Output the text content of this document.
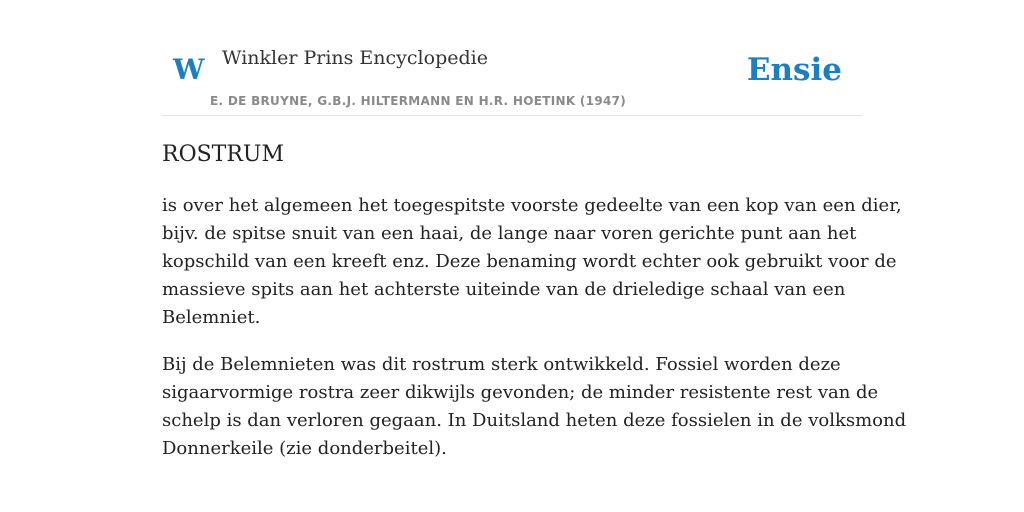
W Winkler Prins Encyclopedie	Ensie
E. DE BRUYNE, G.B.J. HILTERMANN EN H.R. HOETINK (1947)
ROSTRUM

is over het algemeen het toegespitste voorste gedeelte van een kop van een dier,
bijv. de spitse snuit van een haai, de lange naar voren gerichte punt aan het
kopschild van een kreeft enz. Deze benaming wordt echter ook gebruikt voor de
massieve spits aan het achterste uiteinde van de drieledige schaal van een
Belemniet.

Bij de Belemnieten was dit rostrum sterk ontwikkeld. Fossiel worden deze
sigaarvormige rostra zeer dikwijls gevonden; de minder resistente rest van de
schelp is dan verloren gegaan. In Duitsland heten deze fossielen in de volksmond
Donnerkeile (zie donderbeitel).
